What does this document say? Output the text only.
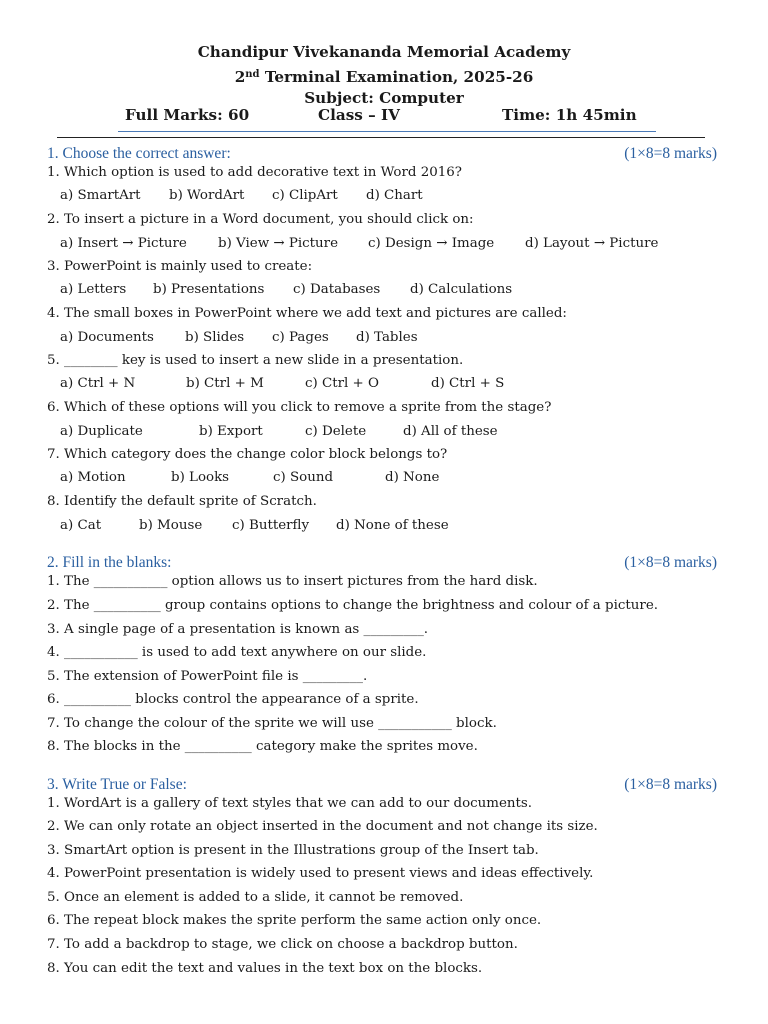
Chandipur Vivekananda Memorial Academy
2nd Terminal Examination, 2025-26
Subject: Computer
Full Marks: 60	Class – IV	Time: 1h 45min
1. Choose the correct answer:	(1×8=8 marks)
1. Which option is used to add decorative text in Word 2016?
a) SmartArt b) WordArt c) ClipArt d) Chart
2. To insert a picture in a Word document, you should click on:
a) Insert → Picture b) View → Picture c) Design → Image d) Layout → Picture
3. PowerPoint is mainly used to create:
a) Letters b) Presentations c) Databases d) Calculations
4. The small boxes in PowerPoint where we add text and pictures are called:
a) Documents b) Slides c) Pages d) Tables
5. ________ key is used to insert a new slide in a presentation.
a) Ctrl + N	b) Ctrl + M	c) Ctrl + O	d) Ctrl + S
6. Which of these options will you click to remove a sprite from the stage?
a) Duplicate	b) Export	c) Delete	d) All of these
7. Which category does the change color block belongs to?
a) Motion	b) Looks	c) Sound	d) None
8. Identify the default sprite of Scratch.
a) Cat	b) Mouse c) Butterfly d) None of these
2. Fill in the blanks:	(1×8=8 marks)
1. The ___________ option allows us to insert pictures from the hard disk.
2. The __________ group contains options to change the brightness and colour of a picture.
3. A single page of a presentation is known as _________.
4. ___________ is used to add text anywhere on our slide.
5. The extension of PowerPoint file is _________.
6. __________ blocks control the appearance of a sprite.
7. To change the colour of the sprite we will use ___________ block.
8. The blocks in the __________ category make the sprites move.
3. Write True or False:	(1×8=8 marks)
1. WordArt is a gallery of text styles that we can add to our documents.
2. We can only rotate an object inserted in the document and not change its size.
3. SmartArt option is present in the Illustrations group of the Insert tab.
4. PowerPoint presentation is widely used to present views and ideas effectively.
5. Once an element is added to a slide, it cannot be removed.
6. The repeat block makes the sprite perform the same action only once.
7. To add a backdrop to stage, we click on choose a backdrop button.
8. You can edit the text and values in the text box on the blocks.
